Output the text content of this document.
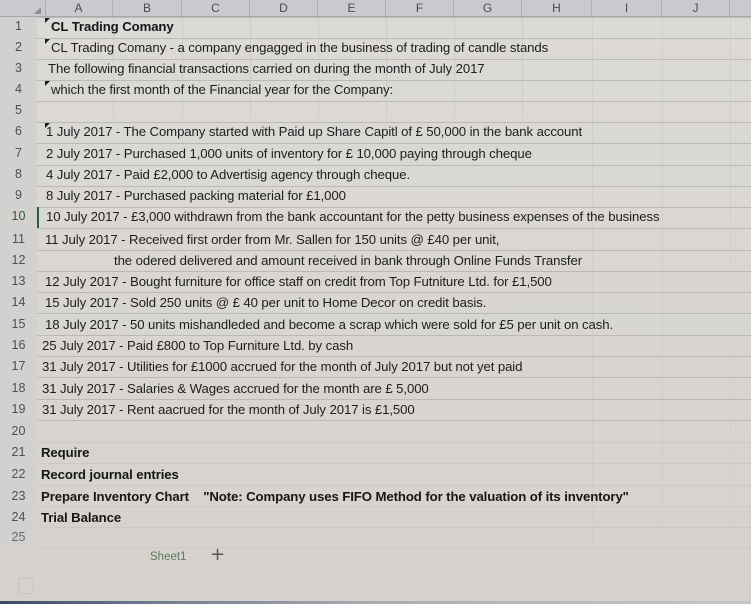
A	B	C	D	E	F	G	H	I	J
1	CL Trading Comany
2	CL Trading Comany - a company engagged in the business of trading of candle stands
3	The following financial transactions carried on during the month of July 2017
4	which the first month of the Financial year for the Company:
5
6	1 July 2017 - The Company started with Paid up Share Capitl of £ 50,000 in the bank account
7	2 July 2017 - Purchased 1,000 units of inventory for £ 10,000 paying through cheque
8	4 July 2017 - Paid £2,000 to Advertisig agency through cheque.
9	8 July 2017 - Purchased packing material for £1,000
10	10 July 2017 - £3,000 withdrawn from the bank accountant for the petty business expenses of the business
11	11 July 2017 - Received first order from Mr. Sallen for 150 units @ £40 per unit,
12	the odered delivered and amount received in bank through Online Funds Transfer
13	12 July 2017 - Bought furniture for office staff on credit from Top Futniture Ltd. for £1,500
14	15 July 2017 - Sold 250 units @ £ 40 per unit to Home Decor on credit basis.
15	18 July 2017 - 50 units mishandleded and become a scrap which were sold for £5 per unit on cash.
16	25 July 2017 - Paid £800 to Top Furniture Ltd. by cash
17	31 July 2017 - Utilities for £1000 accrued for the month of July 2017 but not yet paid
18	31 July 2017 - Salaries & Wages accrued for the month are £ 5,000
19	31 July 2017 - Rent aacrued for the month of July 2017 is £1,500
20
21	Require
22	Record journal entries
23	Prepare Inventory Chart    "Note: Company uses FIFO Method for the valuation of its inventory"
24	Trial Balance
25
Sheet1 +
